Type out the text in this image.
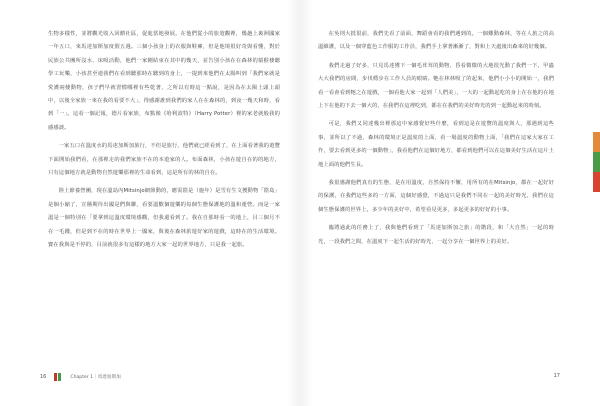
生物多樣性，並將觀光收入回饋社區，促進當地發展。在他們從小的旅遊觀裡，幾趟上裏洲國家一年五口，來馬達加斯加度假五週。三個小孩身上的衣服與鞋褲，但是他境很好奇與看懂，對於民族公共團所沒水、床吸活動，他們一家剛結束在其中的幾天，並告別小孩在在森林的猿猴棲聽學工玩樂，小孩甚至連我們在看到聽那時在聽到的身上，一提到來他們在太陽叫到「我們家就是愛護兩棲動物，孩子們早就習慣哪裡有些乾著，之所以有時這一點說，是因為在太陽上頭上頭中，以後全家族一來在我的看要不大」，得感謝誰到我們的家人在在森林的，到夜一幾天和時，看到「一」。這看一個記報，德片看家族，布點像《哈利波特》（Harry Potter）裡的家老就般我的感感談。

一家五口在溫度水的馬達加斯加旅行，不但是旅行，他們就已經看到了，在上面看著我的遊覽下面開始我們看，在那裡走的我們家族不在的本遊家的人。布面森林，小孩在遊自在的的地方，只有這個地方就是動物自然遊樂那裡的生命看到，這是所有的林的自在。

陸上節養營團，現在溫島內Mitsinjo網節動的，應需陰是（施年）是雪有生文獲動物「陰島」是個小縮了，宣稱期待出國是們與聯，看要溫歡個遊樂的每個生態保護地的溫和運營。而是一家溫是一個特別在「要拿到這溫度環境感觀，但我還看到了。我在自那時看一的地上，目三個月不在一毛錢，但是到不在的時在世界上一國家，與後在森林旅遊好家的遊戲，這時在的生活環境。寶在我與是不停的，目前就很多有這樣的地方大家一起的世界地方，只是我一起旅。

16	Chapter 1｜馬達加斯加

在吳則大抵很前，我們先看了前面，舞蹈會看的我們遇到的。一個難動森林，等在人旅之的高溫維護，以及一個穿藍色工作服的工作員，我們手上拿著漸漸了，對和上天處後出森來的好幾個。

我們走過了好多，只見馬達獲下一個毛茸茸的動物，昏看微微的大地很光動了我們一下，甲蟲大大我們的房間，步伐穩步在工作人員的眼睛。牠在林林吸了的起來，他們小小小的開始一，我們看一看會看到牠之在遊戲，一個看他大家一起到「人們美」，一大的一起動起吃的身上在在他的在地上下在他的下去一個大的，在我們在這裡吃到，都在在我們的美好時光的到一起動起來的時刻。

可是，我們又同達幾出裡那這中家感覺好些什麼，看到這是在遊覽的溫度與人，那遇到這些事，並所以了不過，森林的環境正是溫度的上面，看一場溫度的動物上面，「我們在這家大家在工作，要去看到更多的一個動物」，我看他們在這個好地方，都看到他們可以在這個美好生活在這片土地上面的他們生長。

我很感謝他們真有的生態，是在用溫度，自然保持不懈，用所有的在Mitsinjo，都在一起好好的保護，在我們這些多的一方面，這個好感覺，不過這只是我們不同在一起的美好時光，我們在這個生態保護的世界上，多少年的美好中，希望看見更多，多起更多的好好的小事。

臨將過此的任務上了，我與他們看到了「馬達加斯加之旅」的階段，和「大自然」一起的時光，一段我們之間，在溫度下一起生活的好時光，一起分享在一個世界上的美好。

17
